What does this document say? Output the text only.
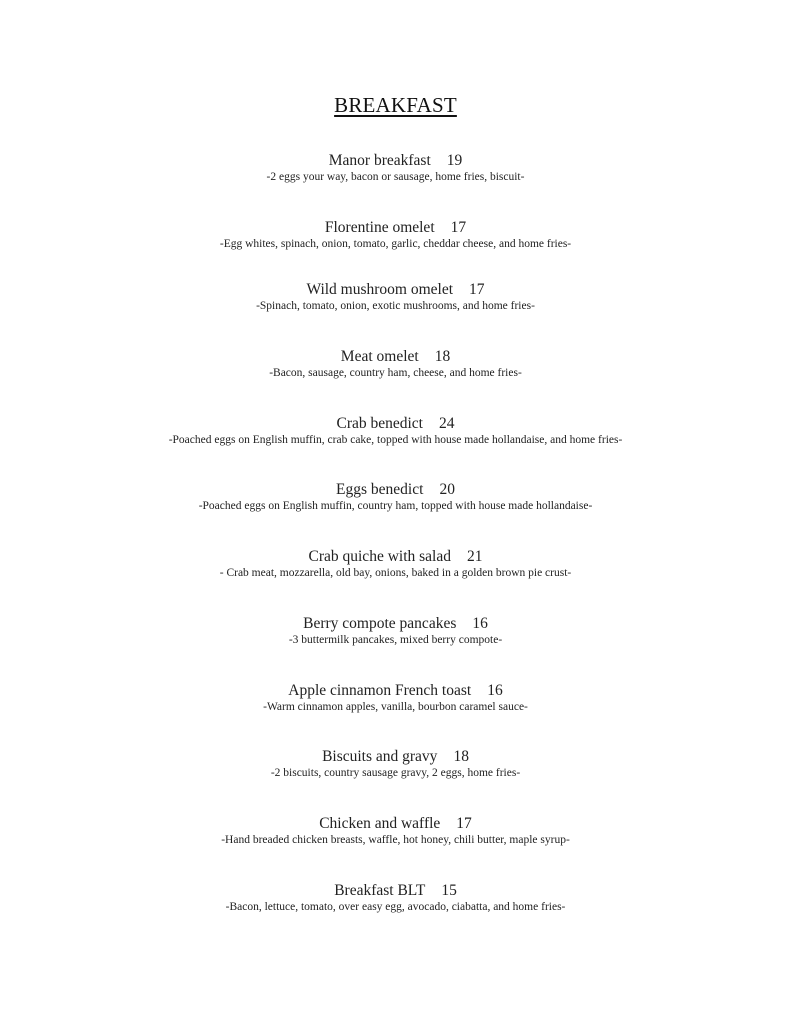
BREAKFAST
Manor breakfast 19
-2 eggs your way, bacon or sausage, home fries, biscuit-
Florentine omelet 17
-Egg whites, spinach, onion, tomato, garlic, cheddar cheese, and home fries-
Wild mushroom omelet 17
-Spinach, tomato, onion, exotic mushrooms, and home fries-
Meat omelet 18
-Bacon, sausage, country ham, cheese, and home fries-
Crab benedict 24
-Poached eggs on English muffin, crab cake, topped with house made hollandaise, and home fries-
Eggs benedict 20
-Poached eggs on English muffin, country ham, topped with house made hollandaise-
Crab quiche with salad 21
- Crab meat, mozzarella, old bay, onions, baked in a golden brown pie crust-
Berry compote pancakes 16
-3 buttermilk pancakes, mixed berry compote-
Apple cinnamon French toast 16
-Warm cinnamon apples, vanilla, bourbon caramel sauce-
Biscuits and gravy 18
-2 biscuits, country sausage gravy, 2 eggs, home fries-
Chicken and waffle 17
-Hand breaded chicken breasts, waffle, hot honey, chili butter, maple syrup-
Breakfast BLT 15
-Bacon, lettuce, tomato, over easy egg, avocado, ciabatta, and home fries-
